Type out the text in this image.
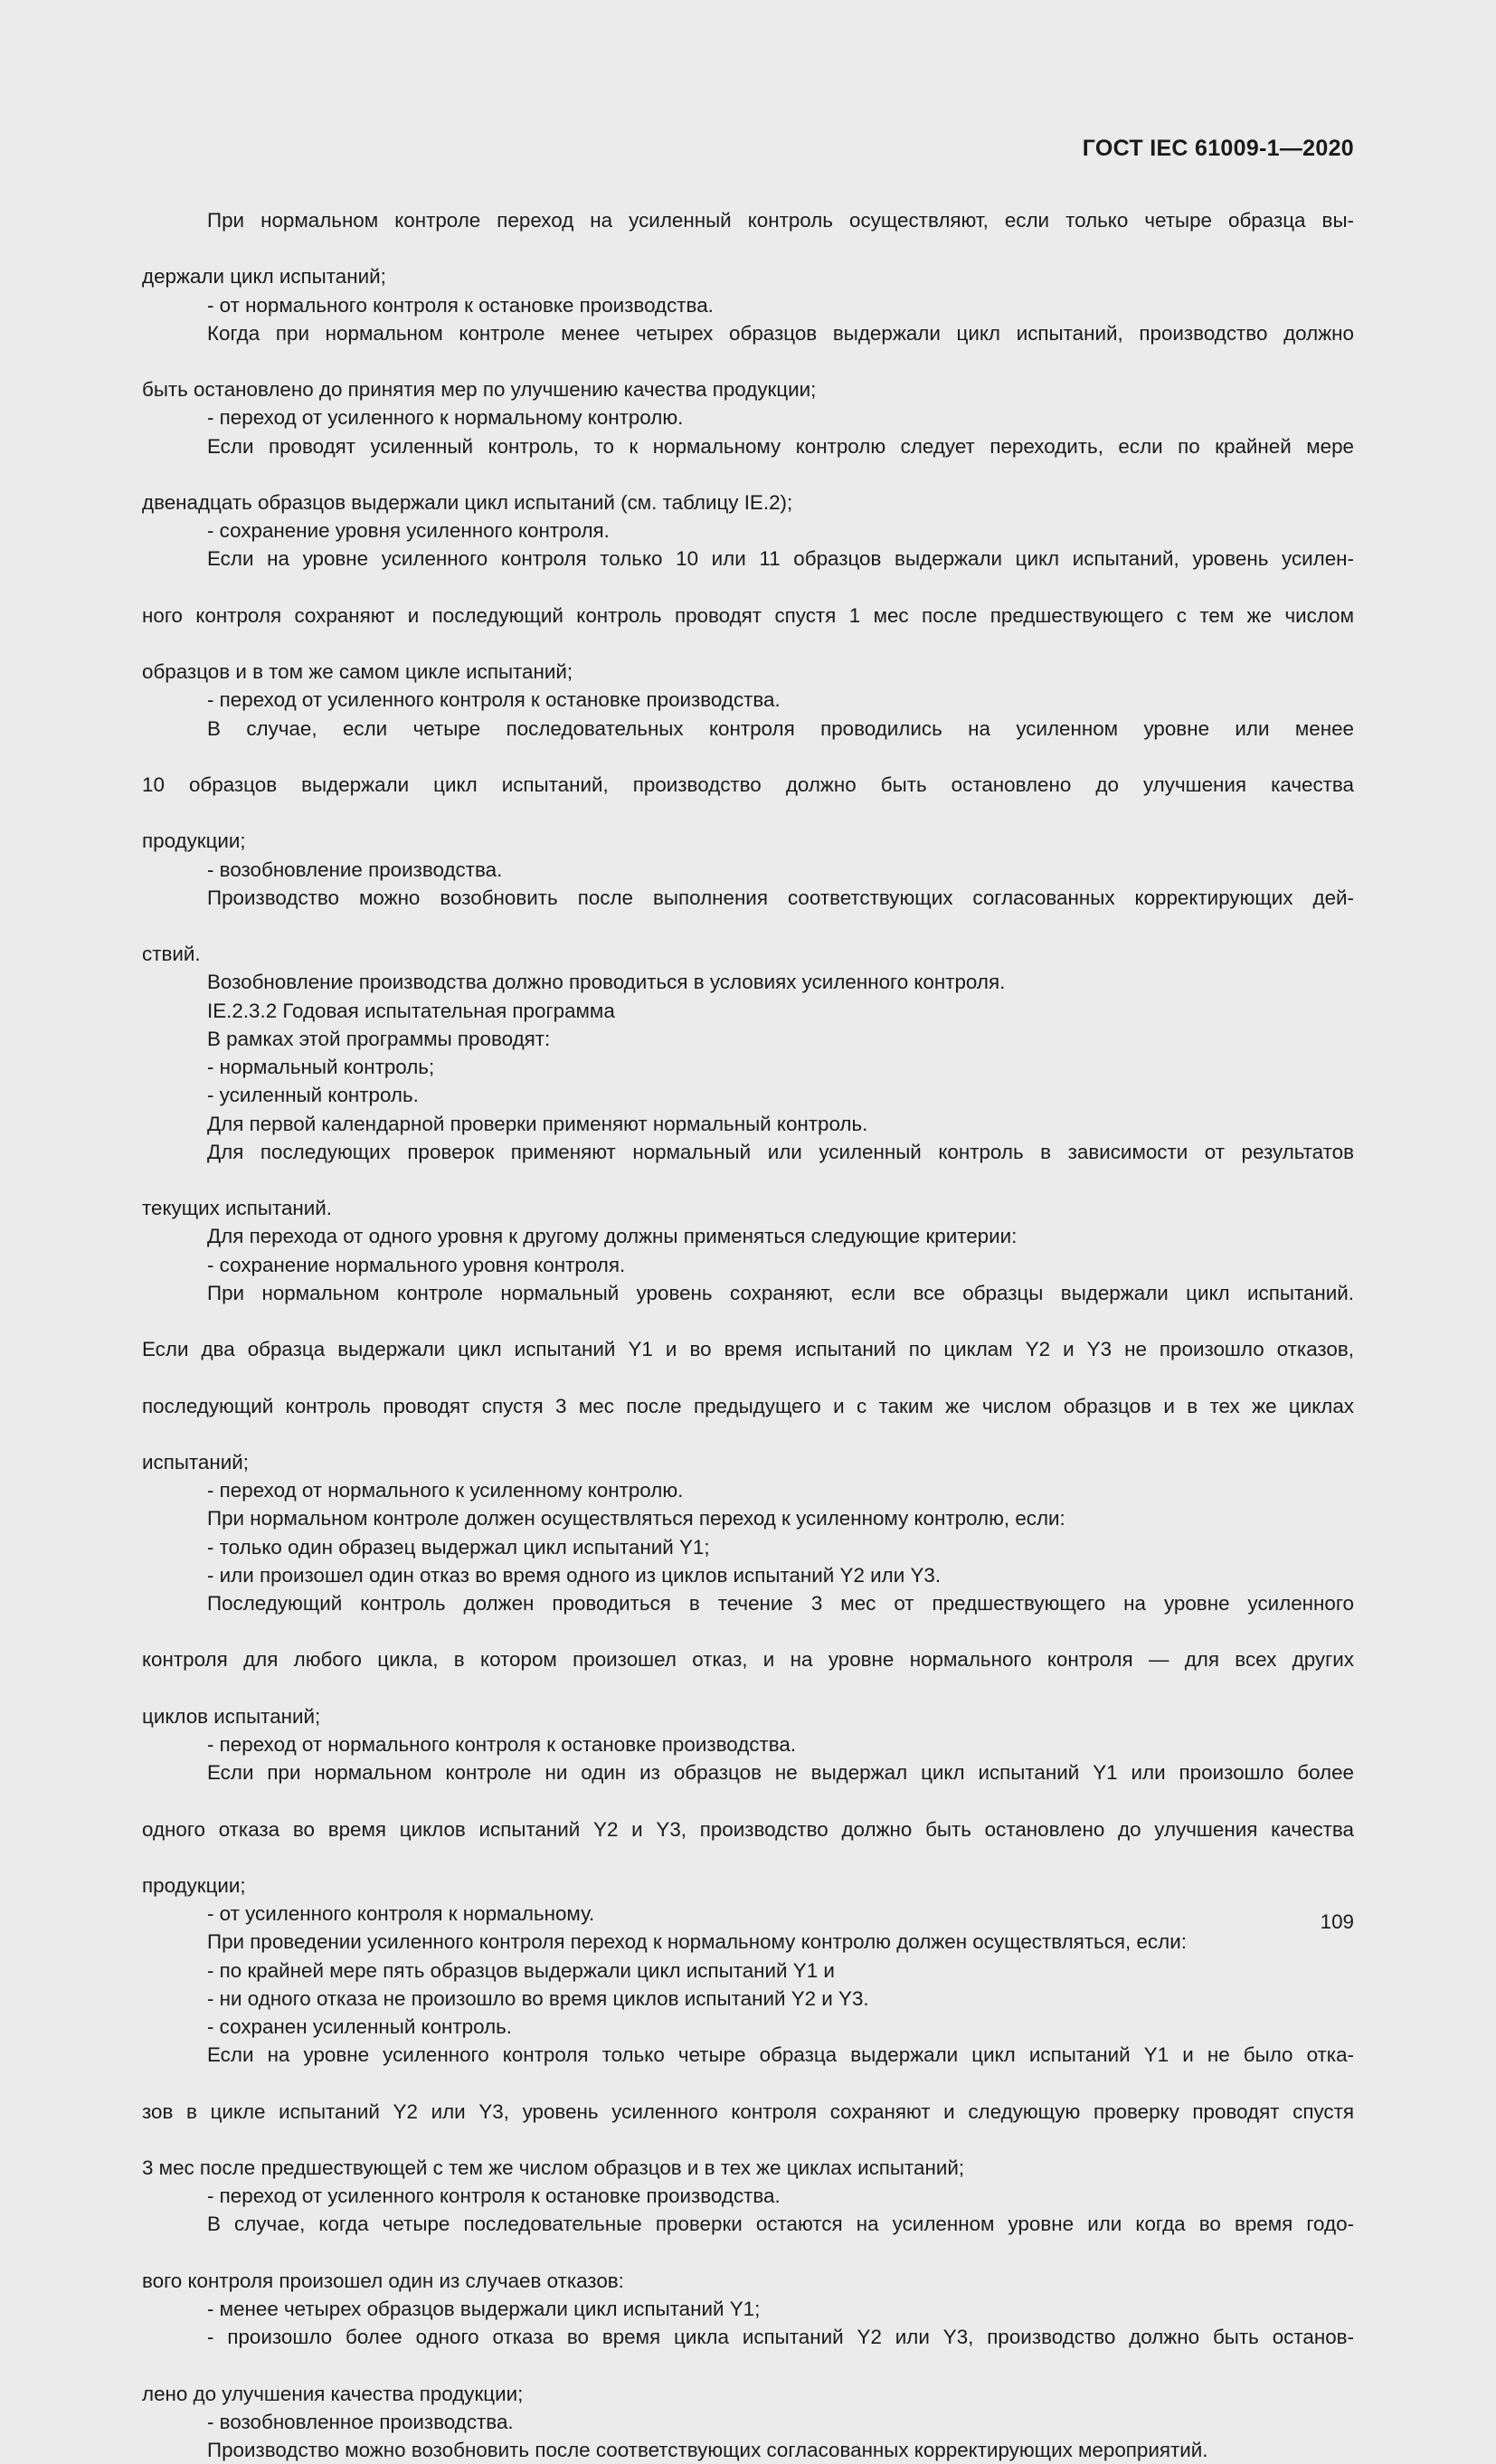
ГОСТ IEC 61009-1—2020

При нормальном контроле переход на усиленный контроль осуществляют, если только четыре образца вы-

держали цикл испытаний;

- от нормального контроля к остановке производства.

Когда при нормальном контроле менее четырех образцов выдержали цикл испытаний, производство должно

быть остановлено до принятия мер по улучшению качества продукции;

- переход от усиленного к нормальному контролю.

Если проводят усиленный контроль, то к нормальному контролю следует переходить, если по крайней мере

двенадцать образцов выдержали цикл испытаний (см. таблицу IE.2);

- сохранение уровня усиленного контроля.

Если на уровне усиленного контроля только 10 или 11 образцов выдержали цикл испытаний, уровень усилен-

ного контроля сохраняют и последующий контроль проводят спустя 1 мес после предшествующего с тем же числом

образцов и в том же самом цикле испытаний;

- переход от усиленного контроля к остановке производства.

В случае, если четыре последовательных контроля проводились на усиленном уровне или менее

10 образцов выдержали цикл испытаний, производство должно быть остановлено до улучшения качества

продукции;

- возобновление производства.

Производство можно возобновить после выполнения соответствующих согласованных корректирующих дей-

ствий.

Возобновление производства должно проводиться в условиях усиленного контроля.

IE.2.3.2 Годовая испытательная программа

В рамках этой программы проводят:

- нормальный контроль;

- усиленный контроль.

Для первой календарной проверки применяют нормальный контроль.

Для последующих проверок применяют нормальный или усиленный контроль в зависимости от результатов

текущих испытаний.

Для перехода от одного уровня к другому должны применяться следующие критерии:

- сохранение нормального уровня контроля.

При нормальном контроле нормальный уровень сохраняют, если все образцы выдержали цикл испытаний.

Если два образца выдержали цикл испытаний Y1 и во время испытаний по циклам Y2 и Y3 не произошло отказов,

последующий контроль проводят спустя 3 мес после предыдущего и с таким же числом образцов и в тех же циклах

испытаний;

- переход от нормального к усиленному контролю.

При нормальном контроле должен осуществляться переход к усиленному контролю, если:

- только один образец выдержал цикл испытаний Y1;

- или произошел один отказ во время одного из циклов испытаний Y2 или Y3.

Последующий контроль должен проводиться в течение 3 мес от предшествующего на уровне усиленного

контроля для любого цикла, в котором произошел отказ, и на уровне нормального контроля — для всех других

циклов испытаний;

- переход от нормального контроля к остановке производства.

Если при нормальном контроле ни один из образцов не выдержал цикл испытаний Y1 или произошло более

одного отказа во время циклов испытаний Y2 и Y3, производство должно быть остановлено до улучшения качества

продукции;

- от усиленного контроля к нормальному.

При проведении усиленного контроля переход к нормальному контролю должен осуществляться, если:

- по крайней мере пять образцов выдержали цикл испытаний Y1 и

- ни одного отказа не произошло во время циклов испытаний Y2 и Y3.

- сохранен усиленный контроль.

Если на уровне усиленного контроля только четыре образца выдержали цикл испытаний Y1 и не было отка-

зов в цикле испытаний Y2 или Y3, уровень усиленного контроля сохраняют и следующую проверку проводят спустя

3 мес после предшествующей с тем же числом образцов и в тех же циклах испытаний;

- переход от усиленного контроля к остановке производства.

В случае, когда четыре последовательные проверки остаются на усиленном уровне или когда во время годо-

вого контроля произошел один из случаев отказов:

- менее четырех образцов выдержали цикл испытаний Y1;

- произошло более одного отказа во время цикла испытаний Y2 или Y3, производство должно быть останов-

лено до улучшения качества продукции;

- возобновленное производства.

Производство можно возобновить после соответствующих согласованных корректирующих мероприятий.

109
